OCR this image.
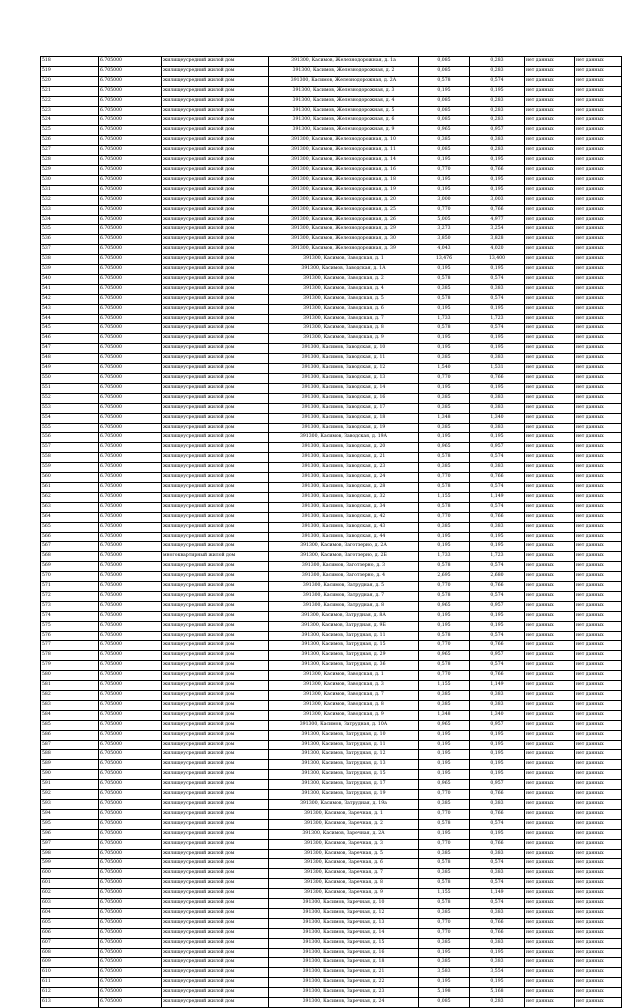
518	6.705000	жилищеусредний жилой дом	391300, Касимов, Железнодорожная, д. 1а	0,085	0,283	нет данных	нет данных
519	6.705000	жилищеусредний жилой дом	391300, Касимов, Железнодорожная, д. 2	0,085	0,283	нет данных	нет данных
520	6.705000	жилищеусредний жилой дом	391300, Касимов, Железнодорожная, д. 2А	0,578	0,574	нет данных	нет данных
521	6.705000	жилищеусредний жилой дом	391300, Касимов, Железнодорожная, д. 3	0,195	0,195	нет данных	нет данных
522	6.705000	жилищеусредний жилой дом	391300, Касимов, Железнодорожная, д. 4	0,085	0,283	нет данных	нет данных
523	6.705000	жилищеусредний жилой дом	391300, Касимов, Железнодорожная, д. 5	0,085	0,283	нет данных	нет данных
524	6.705000	жилищеусредний жилой дом	391300, Касимов, Железнодорожная, д. 6	0,085	0,283	нет данных	нет данных
525	6.705000	жилищеусредний жилой дом	391300, Касимов, Железнодорожная, д. 9	0,965	0,957	нет данных	нет данных
526	6.705000	жилищеусредний жилой дом	391300, Касимов, Железнодорожная, д. 10	0,385	0,383	нет данных	нет данных
527	6.705000	жилищеусредний жилой дом	391300, Касимов, Железнодорожная, д. 11	0,085	0,283	нет данных	нет данных
528	6.705000	жилищеусредний жилой дом	391300, Касимов, Железнодорожная, д. 14	0,195	0,195	нет данных	нет данных
529	6.705000	жилищеусредний жилой дом	391300, Касимов, Железнодорожная, д. 16	0,770	0,766	нет данных	нет данных
530	6.705000	жилищеусредний жилой дом	391300, Касимов, Железнодорожная, д. 18	0,195	0,195	нет данных	нет данных
531	6.705000	жилищеусредний жилой дом	391300, Касимов, Железнодорожная, д. 19	0,195	0,195	нет данных	нет данных
532	6.705000	жилищеусредний жилой дом	391300, Касимов, Железнодорожная, д. 20	3,000	3,003	нет данных	нет данных
533	6.705000	жилищеусредний жилой дом	391300, Касимов, Железнодорожная, д. 25	0,770	0,766	нет данных	нет данных
534	6.705000	жилищеусредний жилой дом	391300, Касимов, Железнодорожная, д. 26	5,005	4,977	нет данных	нет данных
535	6.705000	жилищеусредний жилой дом	391300, Касимов, Железнодорожная, д. 29	3,273	3,254	нет данных	нет данных
536	6.705000	жилищеусредний жилой дом	391300, Касимов, Железнодорожная, д. 30	3,850	3,828	нет данных	нет данных
537	6.705000	жилищеусредний жилой дом	391300, Касимов, Железнодорожная, д. 39	4,043	4,020	нет данных	нет данных
538	6.705000	жилищеусредний жилой дом	391300, Касимов, Заводская, д. 1	13,476	13,400	нет данных	нет данных
539	6.705000	жилищеусредний жилой дом	391300, Касимов, Заводская, д. 1А	0,195	0,195	нет данных	нет данных
540	6.705000	жилищеусредний жилой дом	391300, Касимов, Заводская, д. 2	0,578	0,574	нет данных	нет данных
541	6.705000	жилищеусредний жилой дом	391300, Касимов, Заводская, д. 4	0,385	0,383	нет данных	нет данных
542	6.705000	жилищеусредний жилой дом	391300, Касимов, Заводская, д. 5	0,578	0,574	нет данных	нет данных
543	6.705000	жилищеусредний жилой дом	391300, Касимов, Заводская, д. 6	0,195	0,195	нет данных	нет данных
544	6.705000	жилищеусредний жилой дом	391300, Касимов, Заводская, д. 7	1,733	1,723	нет данных	нет данных
545	6.705000	жилищеусредний жилой дом	391300, Касимов, Заводская, д. 8	0,578	0,574	нет данных	нет данных
546	6.705000	жилищеусредний жилой дом	391300, Касимов, Заводская, д. 9	0,195	0,195	нет данных	нет данных
547	6.705000	жилищеусредний жилой дом	391300, Касимов, Заводская, д. 10	0,195	0,195	нет данных	нет данных
548	6.705000	жилищеусредний жилой дом	391300, Касимов, Заводская, д. 11	0,385	0,383	нет данных	нет данных
549	6.705000	жилищеусредний жилой дом	391300, Касимов, Заводская, д. 12	1,540	1,531	нет данных	нет данных
550	6.705000	жилищеусредний жилой дом	391300, Касимов, Заводская, д. 13	0,770	0,766	нет данных	нет данных
551	6.705000	жилищеусредний жилой дом	391300, Касимов, Заводская, д. 14	0,195	0,195	нет данных	нет данных
552	6.705000	жилищеусредний жилой дом	391300, Касимов, Заводская, д. 16	0,385	0,383	нет данных	нет данных
553	6.705000	жилищеусредний жилой дом	391300, Касимов, Заводская, д. 17	0,385	0,383	нет данных	нет данных
554	6.705000	жилищеусредний жилой дом	391300, Касимов, Заводская, д. 18	1,348	1,340	нет данных	нет данных
555	6.705000	жилищеусредний жилой дом	391300, Касимов, Заводская, д. 19	0,385	0,383	нет данных	нет данных
556	6.705000	жилищеусредний жилой дом	391300, Касимов, Заводская, д. 19А	0,195	0,195	нет данных	нет данных
557	6.705000	жилищеусредний жилой дом	391300, Касимов, Заводская, д. 20	0,965	0,957	нет данных	нет данных
558	6.705000	жилищеусредний жилой дом	391300, Касимов, Заводская, д. 21	0,578	0,574	нет данных	нет данных
559	6.705000	жилищеусредний жилой дом	391300, Касимов, Заводская, д. 23	0,385	0,383	нет данных	нет данных
560	6.705000	жилищеусредний жилой дом	391300, Касимов, Заводская, д. 24	0,770	0,766	нет данных	нет данных
561	6.705000	жилищеусредний жилой дом	391300, Касимов, Заводская, д. 28	0,578	0,574	нет данных	нет данных
562	6.705000	жилищеусредний жилой дом	391300, Касимов, Заводская, д. 32	1,155	1,149	нет данных	нет данных
563	6.705000	жилищеусредний жилой дом	391300, Касимов, Заводская, д. 34	0,578	0,574	нет данных	нет данных
564	6.705000	жилищеусредний жилой дом	391300, Касимов, Заводская, д. 42	0,770	0,766	нет данных	нет данных
565	6.705000	жилищеусредний жилой дом	391300, Касимов, Заводская, д. 43	0,385	0,383	нет данных	нет данных
566	6.705000	жилищеусредний жилой дом	391300, Касимов, Заводская, д. 44	0,195	0,195	нет данных	нет данных
567	6.705000	жилищеусредний жилой дом	391300, Касимов, Заготзерно, д. 2А	0,195	0,195	нет данных	нет данных
568	6.705000	многоквартирный жилой дом	391300, Касимов, Заготзерно, д. 2Б	1,733	1,723	нет данных	нет данных
569	6.705000	жилищеусредний жилой дом	391300, Касимов, Заготзерно, д. 3	0,578	0,574	нет данных	нет данных
570	6.705000	жилищеусредний жилой дом	391300, Касимов, Заготзерно, д. 4	2,695	2,680	нет данных	нет данных
571	6.705000	жилищеусредний жилой дом	391300, Касимов, Затрудная, д. 5	0,770	0,766	нет данных	нет данных
572	6.705000	жилищеусредний жилой дом	391300, Касимов, Затрудная, д. 7	0,578	0,574	нет данных	нет данных
573	6.705000	жилищеусредний жилой дом	391300, Касимов, Затрудная, д. 8	0,965	0,957	нет данных	нет данных
574	6.705000	жилищеусредний жилой дом	391300, Касимов, Затрудная, д. 8А	0,195	0,195	нет данных	нет данных
575	6.705000	жилищеусредний жилой дом	391300, Касимов, Затрудная, д. 9Б	0,195	0,195	нет данных	нет данных
576	6.705000	жилищеусредний жилой дом	391300, Касимов, Затрудная, д. 11	0,578	0,574	нет данных	нет данных
577	6.705000	жилищеусредний жилой дом	391300, Касимов, Затрудная, д. 15	0,770	0,766	нет данных	нет данных
578	6.705000	жилищеусредний жилой дом	391300, Касимов, Затрудная, д. 29	0,965	0,957	нет данных	нет данных
579	6.705000	жилищеусредний жилой дом	391300, Касимов, Затрудная, д. 36	0,578	0,574	нет данных	нет данных
580	6.705000	жилищеусредний жилой дом	391300, Касимов, Заводская, д. 1	0,770	0,766	нет данных	нет данных
581	6.705000	жилищеусредний жилой дом	391300, Касимов, Заводская, д. 3	1,155	1,149	нет данных	нет данных
582	6.705000	жилищеусредний жилой дом	391300, Касимов, Заводская, д. 7	0,385	0,383	нет данных	нет данных
583	6.705000	жилищеусредний жилой дом	391300, Касимов, Заводская, д. 8	0,385	0,383	нет данных	нет данных
584	6.705000	жилищеусредний жилой дом	391300, Касимов, Заводская, д. 9	1,348	1,340	нет данных	нет данных
585	6.705000	жилищеусредний жилой дом	391300, Касимов, Затрудная, д. 10А	0,965	0,957	нет данных	нет данных
586	6.705000	жилищеусредний жилой дом	391300, Касимов, Затрудная, д. 10	0,195	0,195	нет данных	нет данных
587	6.705000	жилищеусредний жилой дом	391300, Касимов, Затрудная, д. 11	0,195	0,195	нет данных	нет данных
588	6.705000	жилищеусредний жилой дом	391300, Касимов, Затрудная, д. 12	0,195	0,195	нет данных	нет данных
589	6.705000	жилищеусредний жилой дом	391300, Касимов, Затрудная, д. 13	0,195	0,195	нет данных	нет данных
590	6.705000	жилищеусредний жилой дом	391300, Касимов, Затрудная, д. 15	0,195	0,195	нет данных	нет данных
591	6.705000	жилищеусредний жилой дом	391300, Касимов, Затрудная, д. 17	0,965	0,957	нет данных	нет данных
592	6.705000	жилищеусредний жилой дом	391300, Касимов, Затрудная, д. 19	0,770	0,766	нет данных	нет данных
593	6.705000	жилищеусредний жилой дом	391300, Касимов, Затрудная, д. 19а	0,385	0,383	нет данных	нет данных
594	6.705000	жилищеусредний жилой дом	391300, Касимов, Заречная, д. 1	0,770	0,766	нет данных	нет данных
595	6.705000	жилищеусредний жилой дом	391300, Касимов, Заречная, д. 2	0,578	0,574	нет данных	нет данных
596	6.705000	жилищеусредний жилой дом	391300, Касимов, Заречная, д. 2А	0,195	0,195	нет данных	нет данных
597	6.705000	жилищеусредний жилой дом	391300, Касимов, Заречная, д. 3	0,770	0,766	нет данных	нет данных
598	6.705000	жилищеусредний жилой дом	391300, Касимов, Заречная, д. 5	0,385	0,383	нет данных	нет данных
599	6.705000	жилищеусредний жилой дом	391300, Касимов, Заречная, д. 6	0,578	0,574	нет данных	нет данных
600	6.705000	жилищеусредний жилой дом	391300, Касимов, Заречная, д. 7	0,385	0,383	нет данных	нет данных
601	6.705000	жилищеусредний жилой дом	391300, Касимов, Заречная, д. 8	0,578	0,574	нет данных	нет данных
602	6.705000	жилищеусредний жилой дом	391300, Касимов, Заречная, д. 9	1,155	1,149	нет данных	нет данных
603	6.705000	жилищеусредний жилой дом	391300, Касимов, Заречная, д. 10	0,578	0,574	нет данных	нет данных
604	6.705000	жилищеусредний жилой дом	391300, Касимов, Заречная, д. 12	0,385	0,383	нет данных	нет данных
605	6.705000	жилищеусредний жилой дом	391300, Касимов, Заречная, д. 13	0,770	0,766	нет данных	нет данных
606	6.705000	жилищеусредний жилой дом	391300, Касимов, Заречная, д. 14	0,770	0,766	нет данных	нет данных
607	6.705000	жилищеусредний жилой дом	391300, Касимов, Заречная, д. 15	0,385	0,383	нет данных	нет данных
608	6.705000	жилищеусредний жилой дом	391300, Касимов, Заречная, д. 16	0,195	0,195	нет данных	нет данных
609	6.705000	жилищеусредний жилой дом	391300, Касимов, Заречная, д. 18	0,385	0,383	нет данных	нет данных
610	6.705000	жилищеусредний жилой дом	391300, Касимов, Заречная, д. 21	3,583	3,554	нет данных	нет данных
611	6.705000	жилищеусредний жилой дом	391300, Касимов, Заречная, д. 22	0,195	0,195	нет данных	нет данных
612	6.705000	жилищеусредний жилой дом	391300, Касимов, Заречная, д. 23	5,198	5,168	нет данных	нет данных
613	6.705000	жилищеусредний жилой дом	391300, Касимов, Заречная, д. 24	0,085	0,283	нет данных	нет данных
